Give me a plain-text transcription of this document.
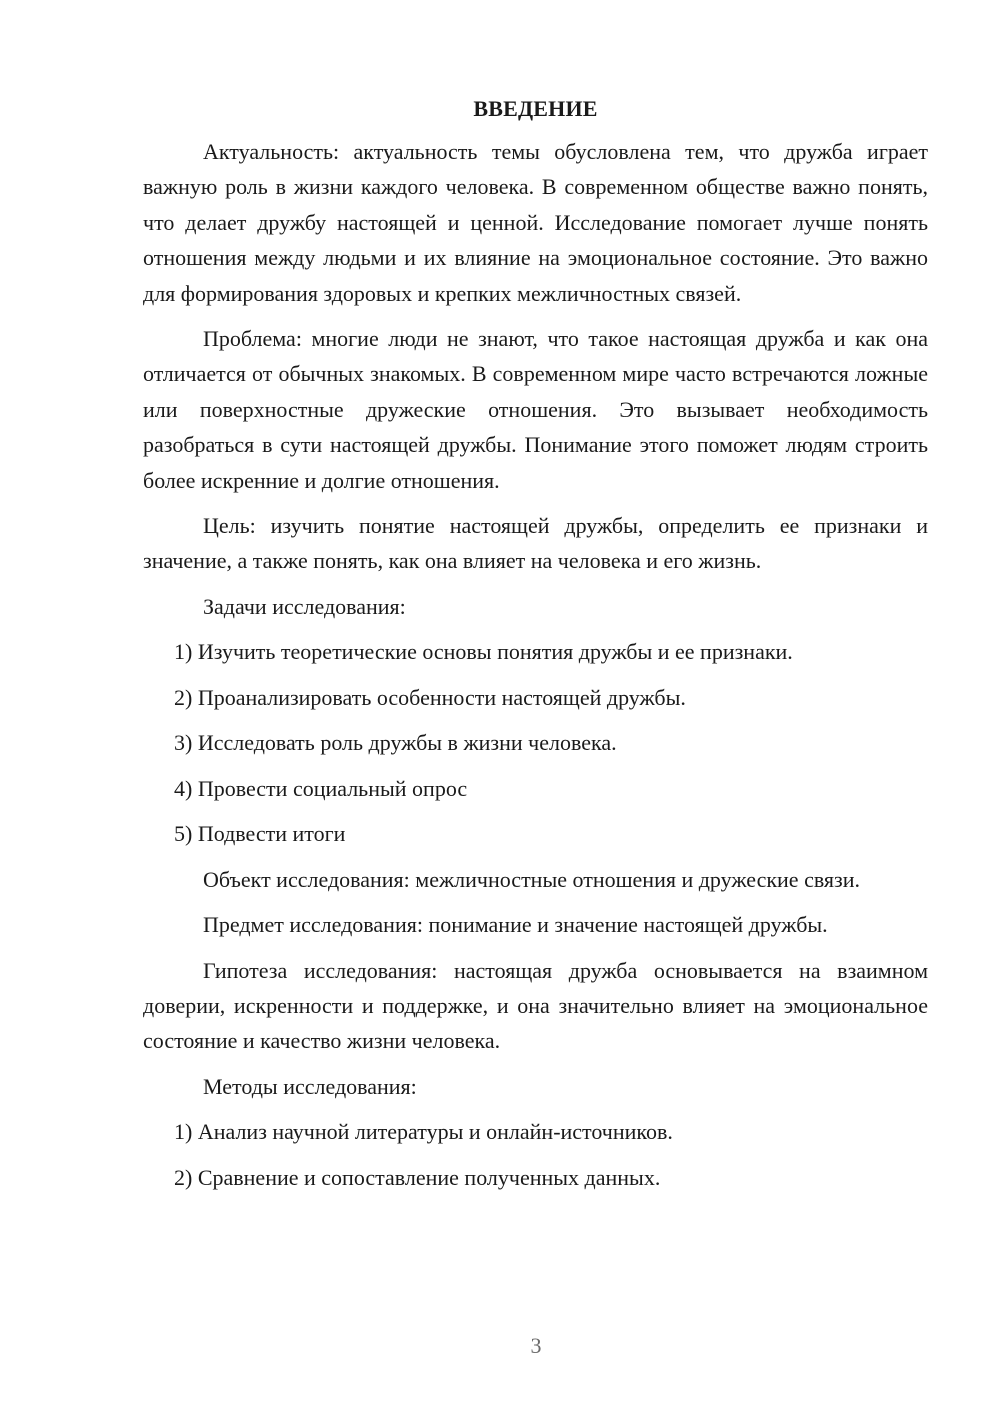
ВВЕДЕНИЕ

Актуальность: актуальность темы обусловлена тем, что дружба играет важную роль в жизни каждого человека. В современном обществе важно понять, что делает дружбу настоящей и ценной. Исследование помогает лучше понять отношения между людьми и их влияние на эмоциональное состояние. Это важно для формирования здоровых и крепких межличностных связей.

Проблема: многие люди не знают, что такое настоящая дружба и как она отличается от обычных знакомых. В современном мире часто встречаются ложные или поверхностные дружеские отношения. Это вызывает необходимость разобраться в сути настоящей дружбы. Понимание этого поможет людям строить более искренние и долгие отношения.

Цель: изучить понятие настоящей дружбы, определить ее признаки и значение, а также понять, как она влияет на человека и его жизнь.

Задачи исследования:

1) Изучить теоретические основы понятия дружбы и ее признаки.
2) Проанализировать особенности настоящей дружбы.
3) Исследовать роль дружбы в жизни человека.
4) Провести социальный опрос
5) Подвести итоги

Объект исследования: межличностные отношения и дружеские связи.

Предмет исследования: понимание и значение настоящей дружбы.

Гипотеза исследования: настоящая дружба основывается на взаимном доверии, искренности и поддержке, и она значительно влияет на эмоциональное состояние и качество жизни человека.

Методы исследования:

1) Анализ научной литературы и онлайн-источников.
2) Сравнение и сопоставление полученных данных.
3
